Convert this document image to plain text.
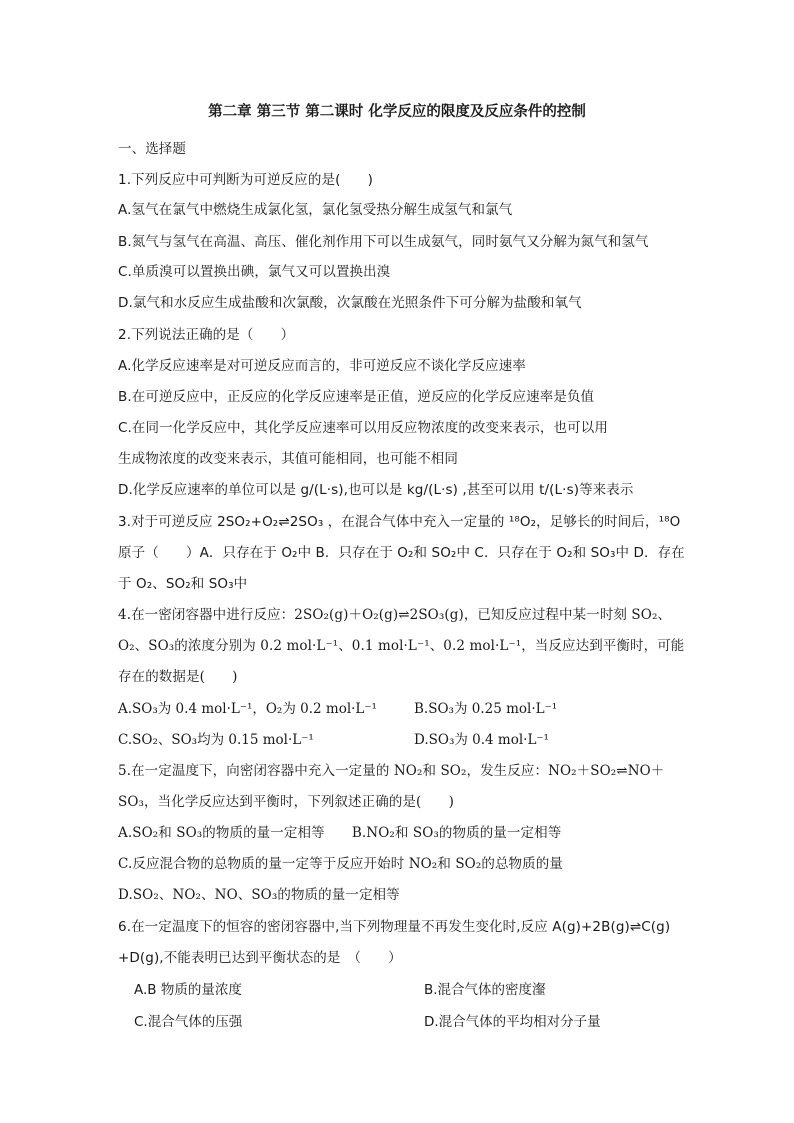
第二章 第三节 第二课时 化学反应的限度及反应条件的控制
一、选择题
1.下列反应中可判断为可逆反应的是(　　)
A.氢气在氯气中燃烧生成氯化氢，氯化氢受热分解生成氢气和氯气
B.氮气与氢气在高温、高压、催化剂作用下可以生成氨气，同时氨气又分解为氮气和氢气
C.单质溴可以置换出碘，氯气又可以置换出溴
D.氯气和水反应生成盐酸和次氯酸，次氯酸在光照条件下可分解为盐酸和氧气
2.下列说法正确的是（　　）
A.化学反应速率是对可逆反应而言的，非可逆反应不谈化学反应速率
B.在可逆反应中，正反应的化学反应速率是正值，逆反应的化学反应速率是负值
C.在同一化学反应中，其化学反应速率可以用反应物浓度的改变来表示，也可以用
生成物浓度的改变来表示，其值可能相同，也可能不相同
D.化学反应速率的单位可以是 g/(L·s),也可以是 kg/(L·s) ,甚至可以用 t/(L·s)等来表示
3.对于可逆反应 2SO₂+O₂⇌2SO₃ ，在混合气体中充入一定量的 ¹⁸O₂，足够长的时间后，¹⁸O
原子（　　）A．只存在于 O₂中 B．只存在于 O₂和 SO₂中 C．只存在于 O₂和 SO₃中 D．存在
于 O₂、SO₂和 SO₃中
4.在一密闭容器中进行反应：2SO₂(g)＋O₂(g)⇌2SO₃(g)，已知反应过程中某一时刻 SO₂、
O₂、SO₃的浓度分别为 0.2 mol·L⁻¹、0.1 mol·L⁻¹、0.2 mol·L⁻¹，当反应达到平衡时，可能
存在的数据是(　　)
A.SO₃为 0.4 mol·L⁻¹，O₂为 0.2 mol·L⁻¹	B.SO₃为 0.25 mol·L⁻¹
C.SO₂、SO₃均为 0.15 mol·L⁻¹	D.SO₃为 0.4 mol·L⁻¹
5.在一定温度下，向密闭容器中充入一定量的 NO₂和 SO₂，发生反应：NO₂＋SO₂⇌NO＋
SO₃，当化学反应达到平衡时，下列叙述正确的是(　　)
A.SO₂和 SO₃的物质的量一定相等　　B.NO₂和 SO₃的物质的量一定相等
C.反应混合物的总物质的量一定等于反应开始时 NO₂和 SO₂的总物质的量
D.SO₂、NO₂、NO、SO₃的物质的量一定相等
6.在一定温度下的恒容的密闭容器中,当下列物理量不再发生变化时,反应 A(g)+2B(g)⇌C(g)
+D(g),不能表明已达到平衡状态的是　（　　）
A.B 物质的量浓度	B.混合气体的密度瀣
C.混合气体的压强	D.混合气体的平均相对分子量
